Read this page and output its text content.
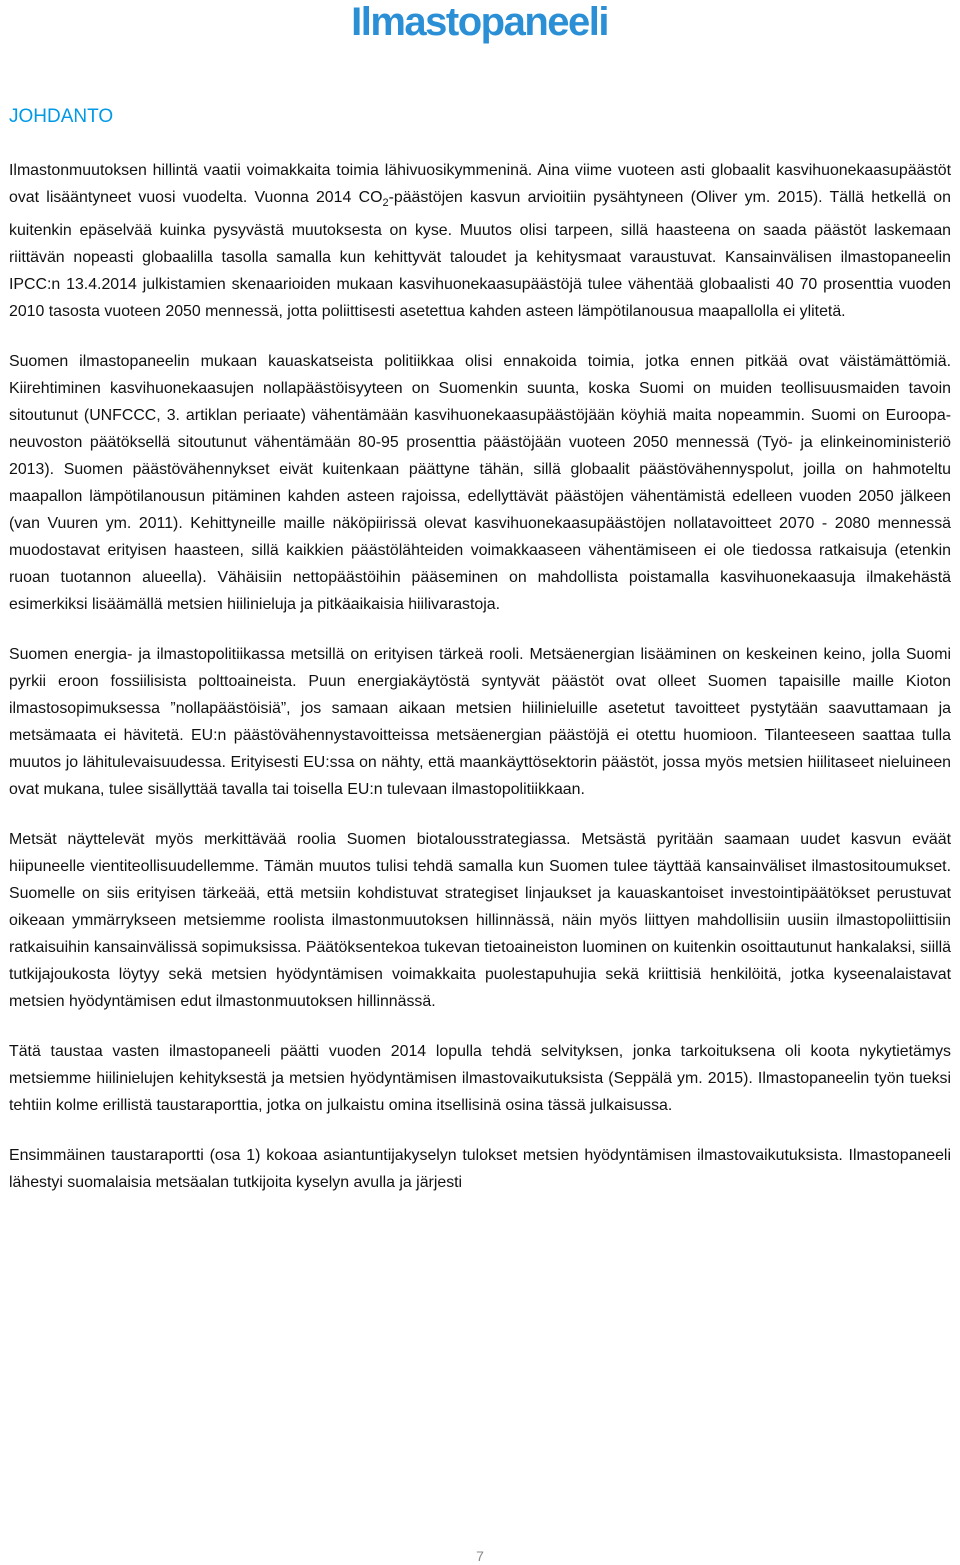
Ilmastopaneeli
JOHDANTO

Ilmastonmuutoksen hillintä vaatii voimakkaita toimia lähivuosikymmeninä. Aina viime vuoteen asti globaalit kasvihuonekaasupäästöt ovat lisääntyneet vuosi vuodelta. Vuonna 2014 $CO_2$-päästöjen kasvun arvioitiin pysähtyneen (Oliver ym. 2015). Tällä hetkellä on kuitenkin epäselvää kuinka pysyvästä muutoksesta on kyse. Muutos olisi tarpeen, sillä haasteena on saada päästöt laskemaan riittävän nopeasti globaalilla tasolla samalla kun kehittyvät taloudet ja kehitysmaat varaustuvat. Kansainvälisen ilmastopaneelin IPCC:n 13.4.2014 julkistamien skenaarioiden mukaan kasvihuonekaasupäästöjä tulee vähentää globaalisti 40 70 prosenttia vuoden 2010 tasosta vuoteen 2050 mennessä, jotta poliittisesti asetettua kahden asteen lämpötilanousua maapallolla ei ylitetä.

Suomen ilmastopaneelin mukaan kauaskatseista politiikkaa olisi ennakoida toimia, jotka ennen pitkää ovat väistämättömiä. Kiirehtiminen kasvihuonekaasujen nollapäästöisyyteen on Suomenkin suunta, koska Suomi on muiden teollisuusmaiden tavoin sitoutunut (UNFCCC, 3. artiklan periaate) vähentämään kasvihuonekaasupäästöjään köyhiä maita nopeammin. Suomi on Euroopa-neuvoston päätöksellä sitoutunut vähentämään 80-95 prosenttia päästöjään vuoteen 2050 mennessä (Työ- ja elinkeinoministeriö 2013). Suomen päästövähennykset eivät kuitenkaan päättyne tähän, sillä globaalit päästövähennyspolut, joilla on hahmoteltu maapallon lämpötilanousun pitäminen kahden asteen rajoissa, edellyttävät päästöjen vähentämistä edelleen vuoden 2050 jälkeen (van Vuuren ym. 2011). Kehittyneille maille näköpiirissä olevat kasvihuonekaasupäästöjen nollatavoitteet 2070 - 2080 mennessä muodostavat erityisen haasteen, sillä kaikkien päästölähteiden voimakkaaseen vähentämiseen ei ole tiedossa ratkaisuja (etenkin ruoan tuotannon alueella). Vähäisiin nettopäästöihin pääseminen on mahdollista poistamalla kasvihuonekaasuja ilmakehästä esimerkiksi lisäämällä metsien hiilinieluja ja pitkäaikaisia hiilivarastoja.

Suomen energia- ja ilmastopolitiikassa metsillä on erityisen tärkeä rooli. Metsäenergian lisääminen on keskeinen keino, jolla Suomi pyrkii eroon fossiilisista polttoaineista. Puun energiakäytöstä syntyvät päästöt ovat olleet Suomen tapaisille maille Kioton ilmastosopimuksessa ”nollapäästöisiä”, jos samaan aikaan metsien hiilinieluille asetetut tavoitteet pystytään saavuttamaan ja metsämaata ei hävitetä. EU:n päästövähennystavoitteissa metsäenergian päästöjä ei otettu huomioon. Tilanteeseen saattaa tulla muutos jo lähitulevaisuudessa. Erityisesti EU:ssa on nähty, että maankäyttösektorin päästöt, jossa myös metsien hiilitaseet nieluineen ovat mukana, tulee sisällyttää tavalla tai toisella EU:n tulevaan ilmastopolitiikkaan.

Metsät näyttelevät myös merkittävää roolia Suomen biotalousstrategiassa. Metsästä pyritään saamaan uudet kasvun eväät hiipuneelle vientiteollisuudellemme. Tämän muutos tulisi tehdä samalla kun Suomen tulee täyttää kansainväliset ilmastositoumukset. Suomelle on siis erityisen tärkeää, että metsiin kohdistuvat strategiset linjaukset ja kauaskantoiset investointipäätökset perustuvat oikeaan ymmärrykseen metsiemme roolista ilmastonmuutoksen hillinnässä, näin myös liittyen mahdollisiin uusiin ilmastopoliittisiin ratkaisuihin kansainvälissä sopimuksissa. Päätöksentekoa tukevan tietoaineiston luominen on kuitenkin osoittautunut hankalaksi, siillä tutkijajoukosta löytyy sekä metsien hyödyntämisen voimakkaita puolestapuhujia sekä kriittisiä henkilöitä, jotka kyseenalaistavat metsien hyödyntämisen edut ilmastonmuutoksen hillinnässä.

Tätä taustaa vasten ilmastopaneeli päätti vuoden 2014 lopulla tehdä selvityksen, jonka tarkoituksena oli koota nykytietämys metsiemme hiilinielujen kehityksestä ja metsien hyödyntämisen ilmastovaikutuksista (Seppälä ym. 2015). Ilmastopaneelin työn tueksi tehtiin kolme erillistä taustaraporttia, jotka on julkaistu omina itsellisinä osina tässä julkaisussa.

Ensimmäinen taustaraportti (osa 1) kokoaa asiantuntijakyselyn tulokset metsien hyödyntämisen ilmastovaikutuksista. Ilmastopaneeli lähestyi suomalaisia metsäalan tutkijoita kyselyn avulla ja järjesti

7
